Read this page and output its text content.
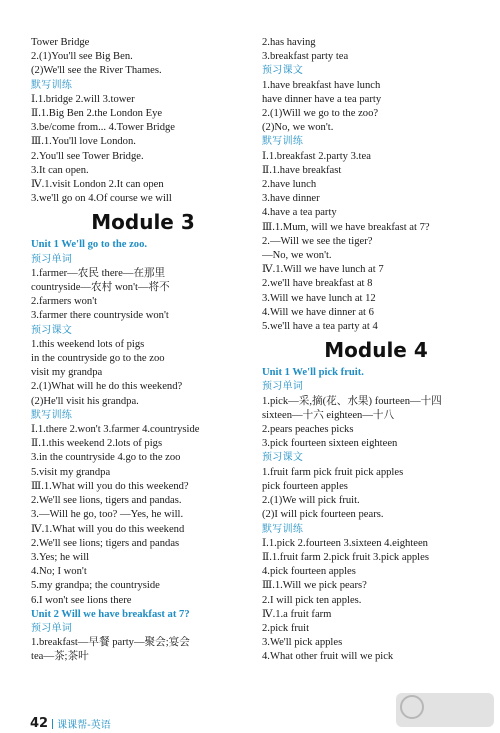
Tower Bridge
2.(1)You'll see Big Ben.
(2)We'll see the River Thames.
默写训练
Ⅰ.1.bridge 2.will 3.tower
Ⅱ.1.Big Ben 2.the London Eye
3.be/come from... 4.Tower Bridge
Ⅲ.1.You'll love London.
2.You'll see Tower Bridge.
3.It can open.
Ⅳ.1.visit London 2.It can open
3.we'll go on 4.Of course we will
Module 3
Unit 1 We'll go to the zoo.
预习单词
1.farmer—农民 there—在那里
countryside—农村 won't—将不
2.farmers won't
3.farmer there countryside won't
预习课文
1.this weekend lots of pigs
in the countryside go to the zoo
visit my grandpa
2.(1)What will he do this weekend?
(2)He'll visit his grandpa.
默写训练
Ⅰ.1.there 2.won't 3.farmer 4.countryside
Ⅱ.1.this weekend 2.lots of pigs
3.in the countryside 4.go to the zoo
5.visit my grandpa
Ⅲ.1.What will you do this weekend?
2.We'll see lions, tigers and pandas.
3.—Will he go, too? —Yes, he will.
Ⅳ.1.What will you do this weekend
2.We'll see lions; tigers and pandas
3.Yes; he will
4.No; I won't
5.my grandpa; the countryside
6.I won't see lions there
Unit 2 Will we have breakfast at 7?
预习单词
1.breakfast—早餐 party—聚会;宴会
tea—茶;茶叶
2.has having
3.breakfast party tea
预习课文
1.have breakfast have lunch
have dinner have a tea party
2.(1)Will we go to the zoo?
(2)No, we won't.
默写训练
Ⅰ.1.breakfast 2.party 3.tea
Ⅱ.1.have breakfast
2.have lunch
3.have dinner
4.have a tea party
Ⅲ.1.Mum, will we have breakfast at 7?
2.—Will we see the tiger?
—No, we won't.
Ⅳ.1.Will we have lunch at 7
2.we'll have breakfast at 8
3.Will we have lunch at 12
4.Will we have dinner at 6
5.we'll have a tea party at 4
Module 4
Unit 1 We'll pick fruit.
预习单词
1.pick—采,摘(花、水果) fourteen—十四
sixteen—十六 eighteen—十八
2.pears peaches picks
3.pick fourteen sixteen eighteen
预习课文
1.fruit farm pick fruit pick apples
pick fourteen apples
2.(1)We will pick fruit.
(2)I will pick fourteen pears.
默写训练
Ⅰ.1.pick 2.fourteen 3.sixteen 4.eighteen
Ⅱ.1.fruit farm 2.pick fruit 3.pick apples
4.pick fourteen apples
Ⅲ.1.Will we pick pears?
2.I will pick ten apples.
Ⅳ.1.a fruit farm
2.pick fruit
3.We'll pick apples
4.What other fruit will we pick
42 课课帮-英语
